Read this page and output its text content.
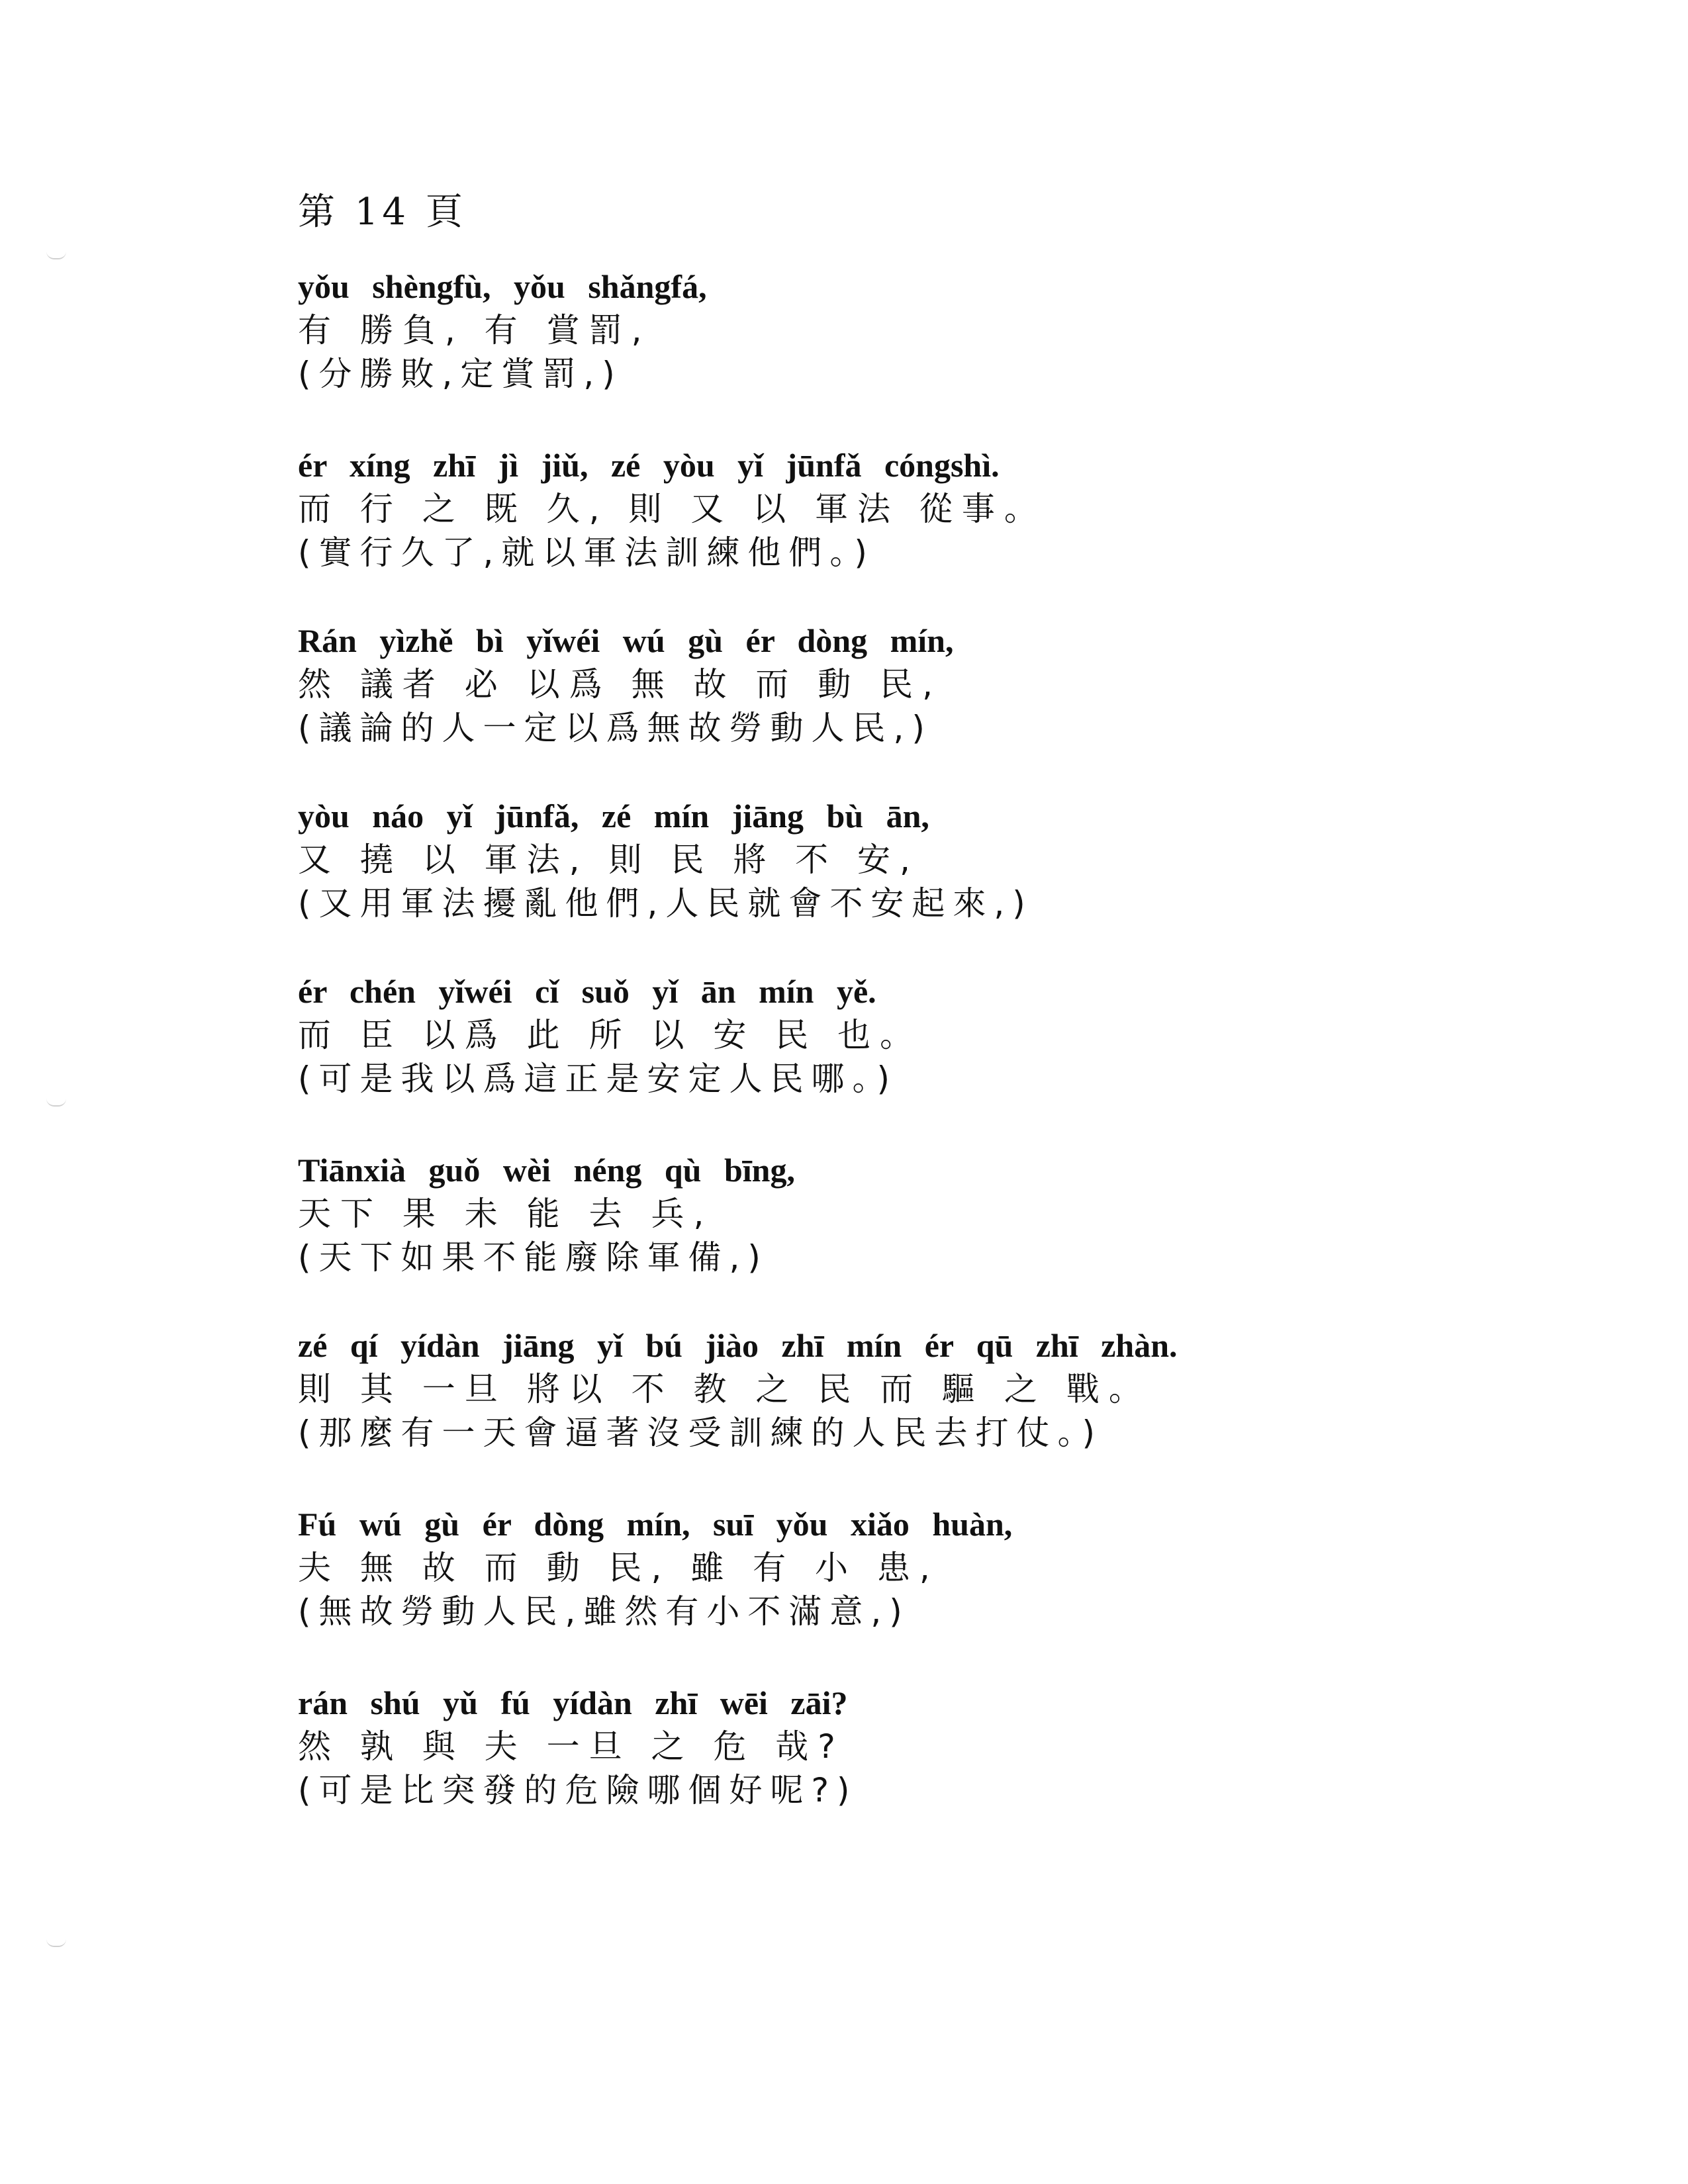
第 14 頁
yǒu shèngfù, yǒu shǎngfá,
有 勝負, 有 賞罰,
(分勝敗,定賞罰,)
ér xíng zhī jì jiǔ, zé yòu yǐ jūnfǎ cóngshì.
而 行 之 既 久, 則 又 以 軍法 從事。
(實行久了,就以軍法訓練他們。)
Rán yìzhě bì yǐwéi wú gù ér dòng mín,
然 議者 必 以爲 無 故 而 動 民,
(議論的人一定以爲無故勞動人民,)
yòu náo yǐ jūnfǎ, zé mín jiāng bù ān,
又 撓 以 軍法, 則 民 將 不 安,
(又用軍法擾亂他們,人民就會不安起來,)
ér chén yǐwéi cǐ suǒ yǐ ān mín yě.
而 臣 以爲 此 所 以 安 民 也。
(可是我以爲這正是安定人民哪。)
Tiānxià guǒ wèi néng qù bīng,
天下 果 未 能 去 兵,
(天下如果不能廢除軍備,)
zé qí yídàn jiāng yǐ bú jiào zhī mín ér qū zhī zhàn.
則 其 一旦 將以 不 教 之 民 而 驅 之 戰。
(那麼有一天會逼著沒受訓練的人民去打仗。)
Fú wú gù ér dòng mín, suī yǒu xiǎo huàn,
夫 無 故 而 動 民, 雖 有 小 患,
(無故勞動人民,雖然有小不滿意,)
rán shú yǔ fú yídàn zhī wēi zāi?
然 孰 與 夫 一旦 之 危 哉?
(可是比突發的危險哪個好呢?)
